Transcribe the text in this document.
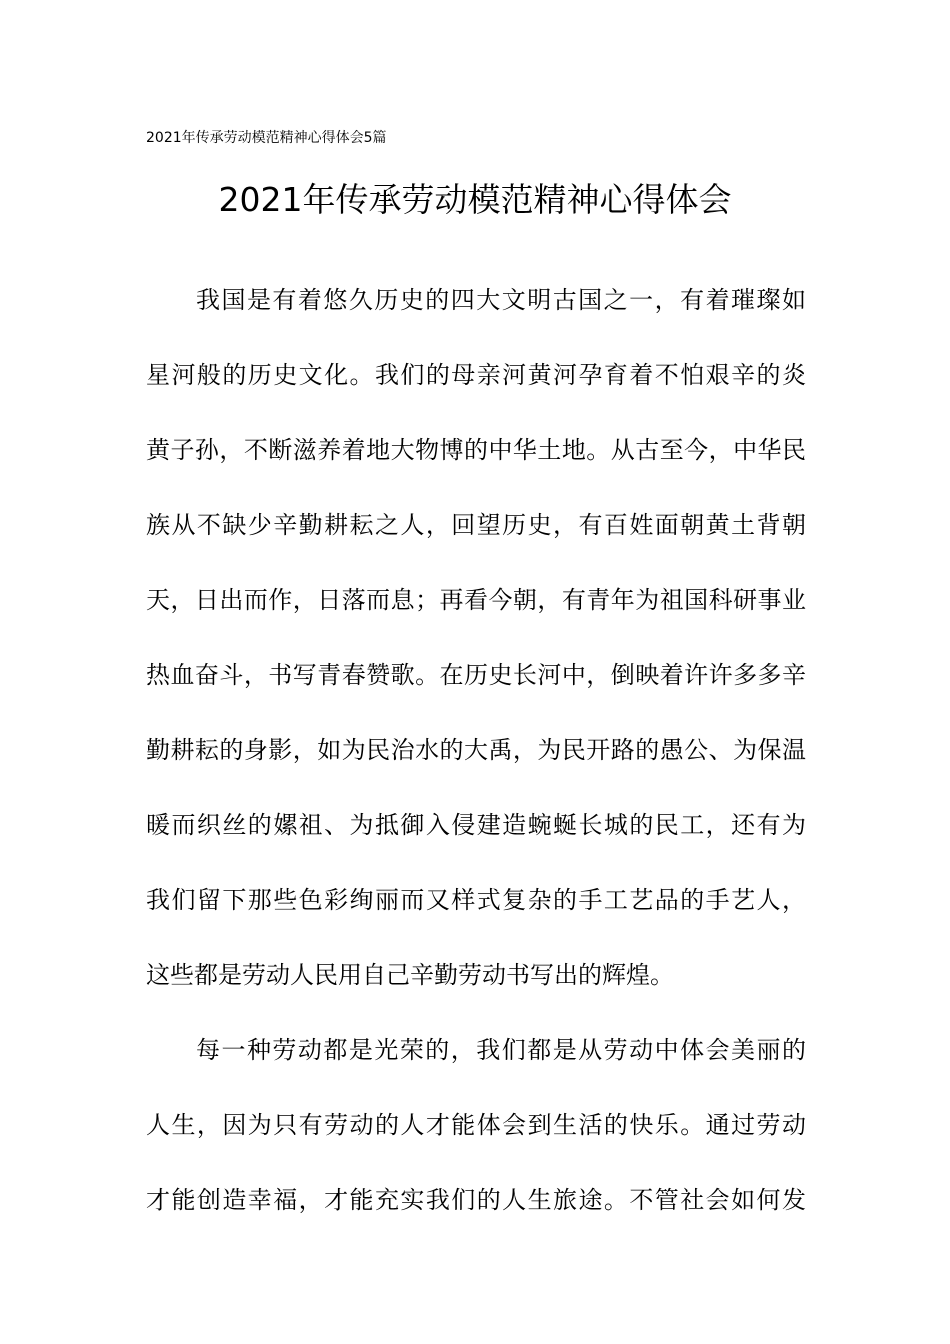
2021年传承劳动模范精神心得体会5篇
2021年传承劳动模范精神心得体会
我国是有着悠久历史的四大文明古国之一，有着璀璨如
星河般的历史文化。我们的母亲河黄河孕育着不怕艰辛的炎
黄子孙，不断滋养着地大物博的中华土地。从古至今，中华民
族从不缺少辛勤耕耘之人，回望历史，有百姓面朝黄土背朝
天，日出而作，日落而息；再看今朝，有青年为祖国科研事业
热血奋斗，书写青春赞歌。在历史长河中，倒映着许许多多辛
勤耕耘的身影，如为民治水的大禹，为民开路的愚公、为保温
暖而织丝的嫘祖、为抵御入侵建造蜿蜒长城的民工，还有为
我们留下那些色彩绚丽而又样式复杂的手工艺品的手艺人，
这些都是劳动人民用自己辛勤劳动书写出的辉煌。
每一种劳动都是光荣的，我们都是从劳动中体会美丽的
人生，因为只有劳动的人才能体会到生活的快乐。通过劳动
才能创造幸福，才能充实我们的人生旅途。不管社会如何发
